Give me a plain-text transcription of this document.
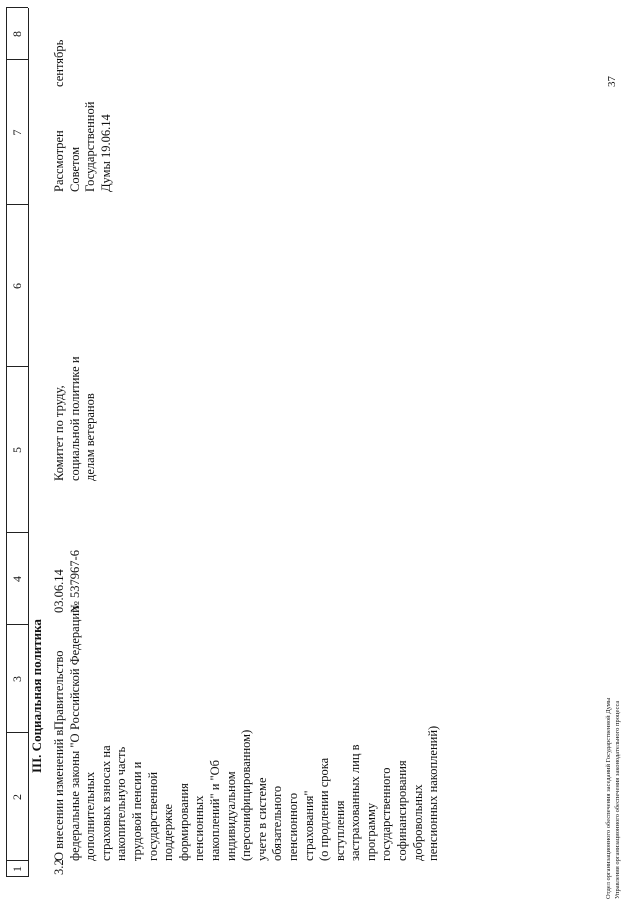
1
2
3
4
5
6
7
8
III. Социальная политика
3.2
О внесении изменений в федеральные законы "О дополнительных страховых взносах на накопительную часть трудовой пенсии и государственной поддержке формирования пенсионных накоплений" и "Об индивидуальном (персонифицированном) учете в системе обязательного пенсионного страхования" (о продлении срока вступления застрахованных лиц в программу государственного софинансирования добровольных пенсионных накоплений)
Правительство Российской Федерации
03.06.14 № 537967-6
Комитет по труду, социальной политике и делам ветеранов
Рассмотрен Советом Государственной Думы 19.06.14
сентябрь
Отдел организационного обеспечения заседаний Государственной Думы Управления организационного обеспечения законодательного процесса
37
